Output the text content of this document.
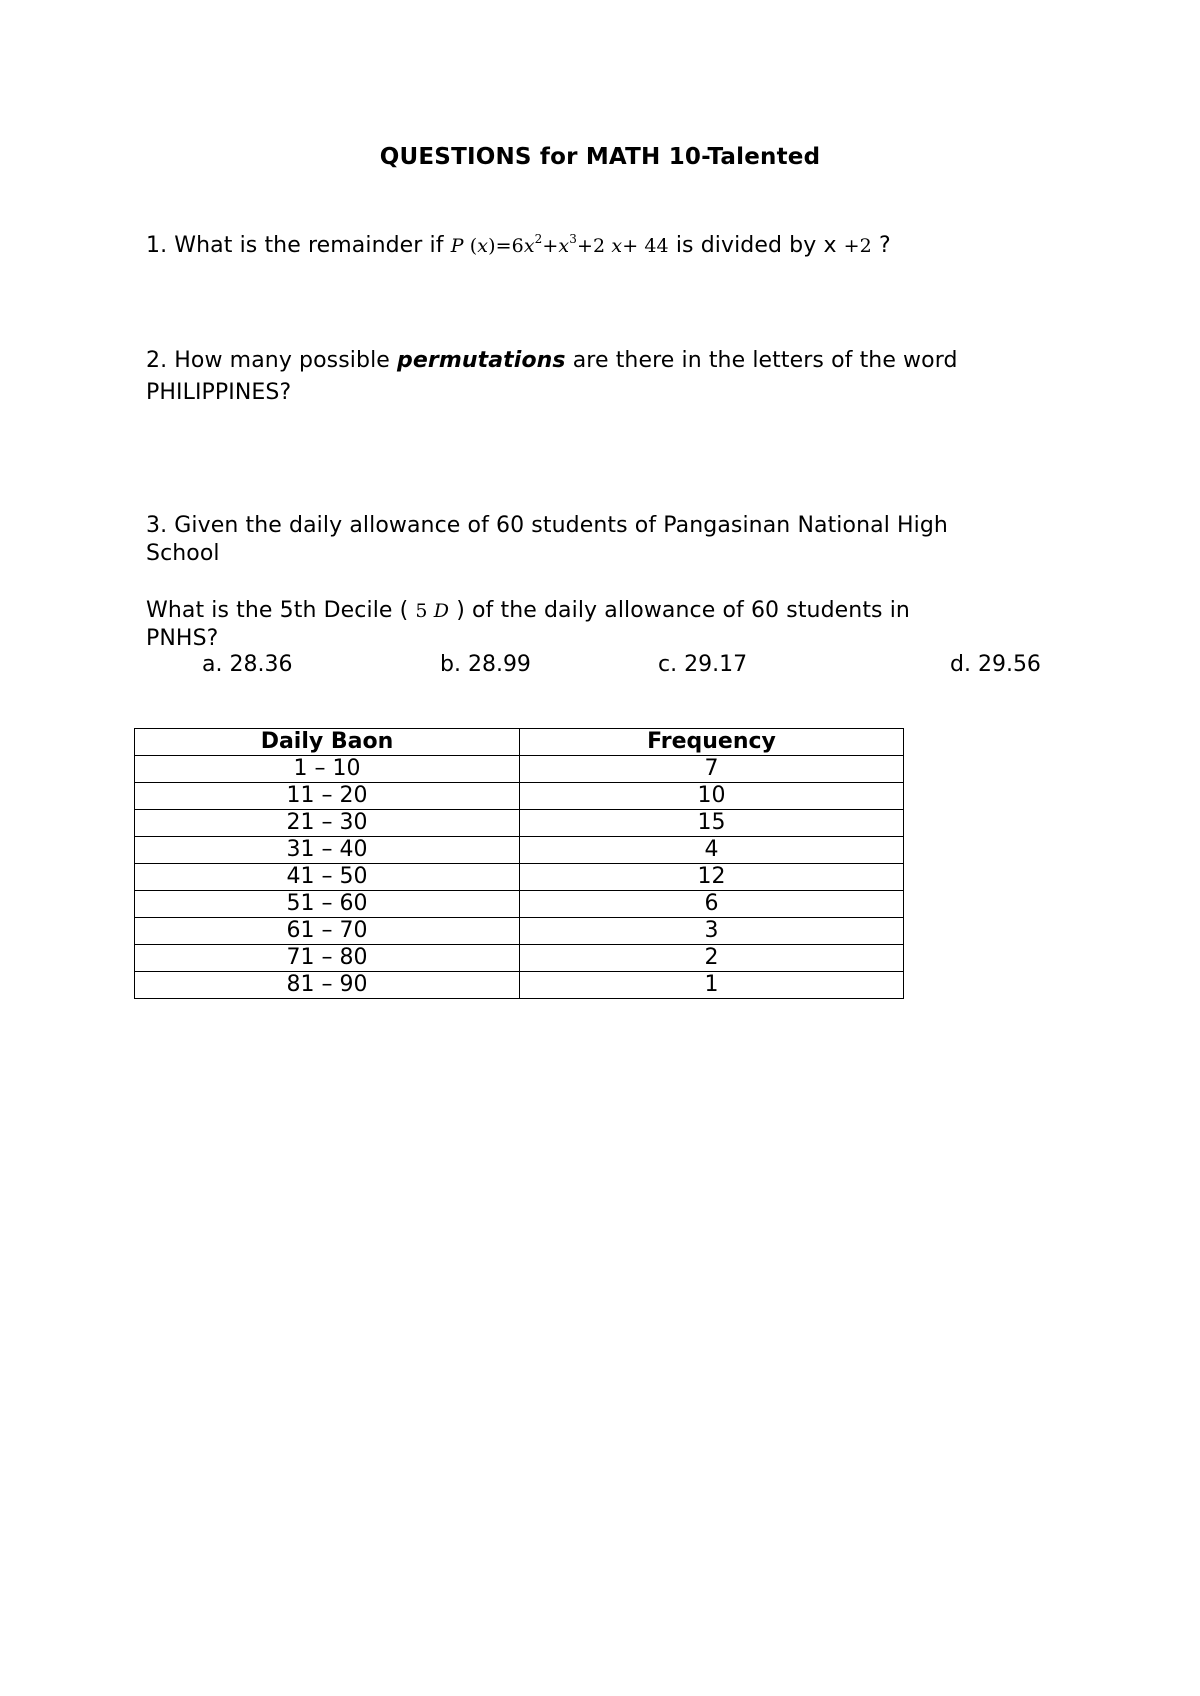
QUESTIONS for MATH 10-Talented
1. What is the remainder if P $(x)=6x^2+x^3+2$ x+ 44 is divided by x +2 ?
2. How many possible permutations are there in the letters of the word
PHILIPPINES?
3. Given the daily allowance of 60 students of Pangasinan National High
School
What is the 5th Decile ( 5 D ) of the daily allowance of 60 students in
PNHS?
a. 28.36	b. 28.99	c. 29.17	d. 29.56
Daily Baon	Frequency
1 – 10	7
11 – 20	10
21 – 30	15
31 – 40	4
41 – 50	12
51 – 60	6
61 – 70	3
71 – 80	2
81 – 90	1
